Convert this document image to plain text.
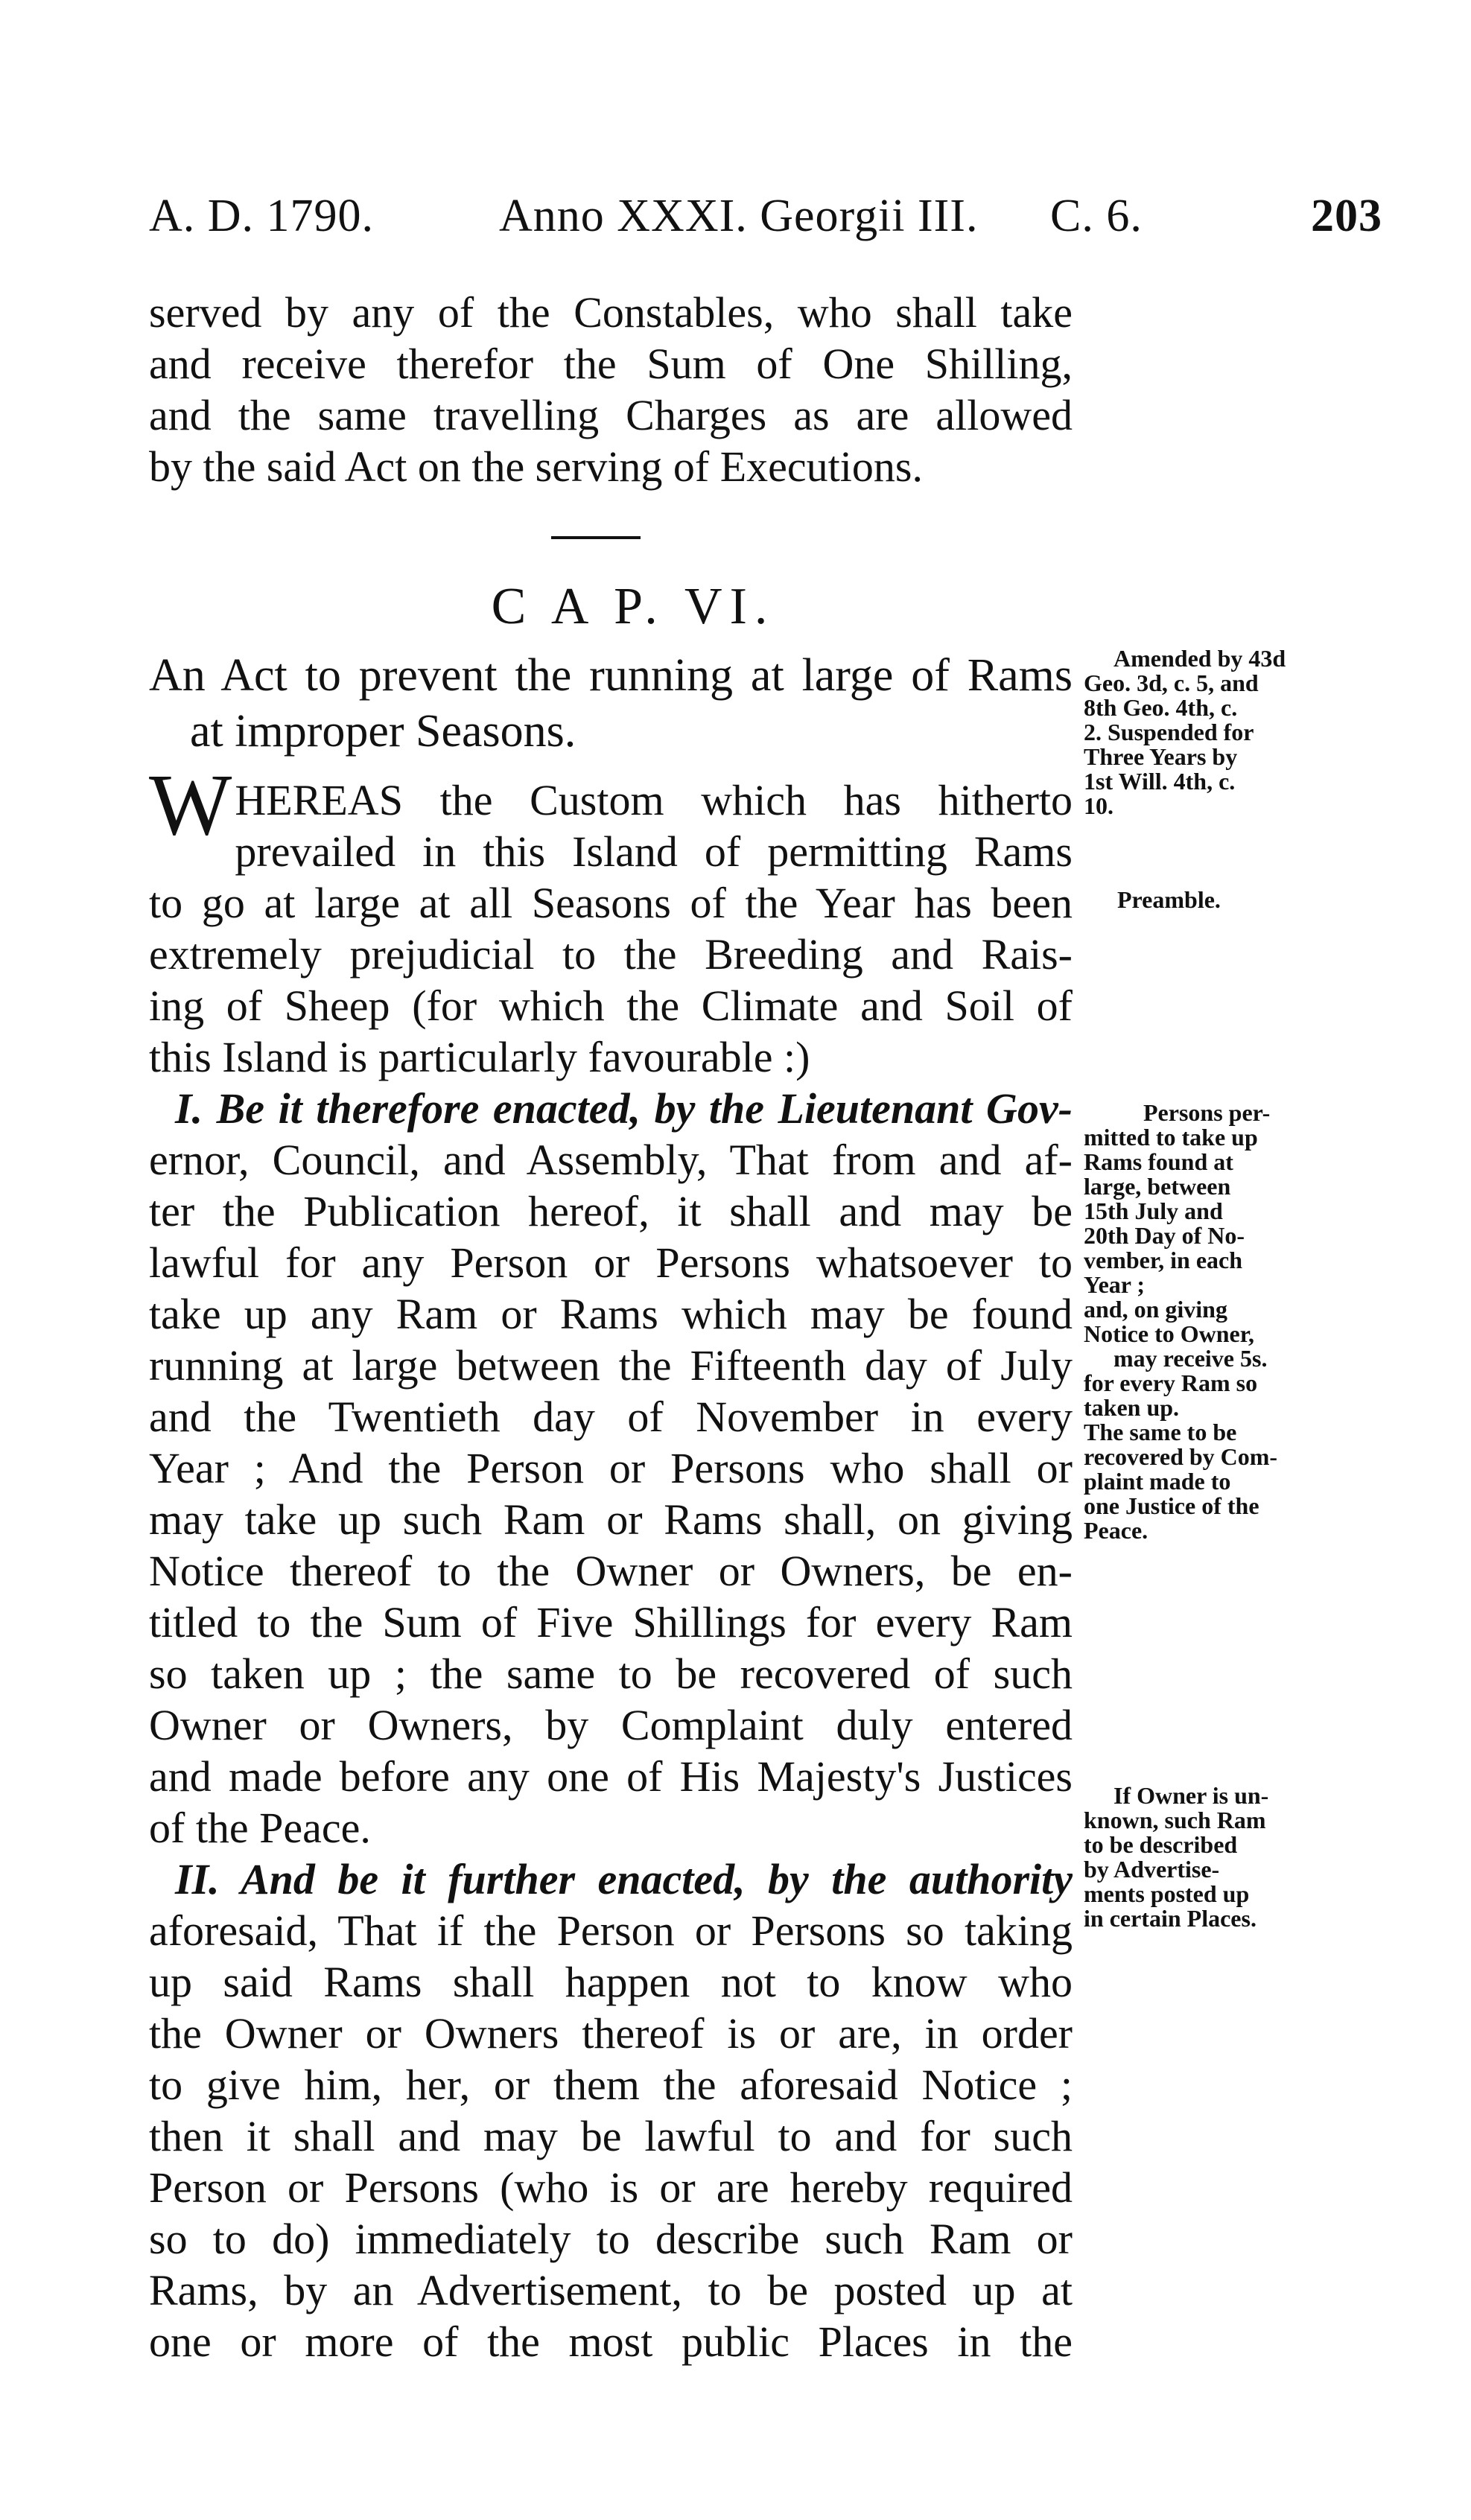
A. D. 1790.	Anno XXXI. Georgii III. C. 6.	203
served by any of the Constables, who shall take
and receive therefor the Sum of One Shilling,
and the same travelling Charges as are allowed
by the said Act on the serving of Executions.
C A P. VI.
An Act to prevent the running at large of Rams
at improper Seasons.
W HEREAS the Custom which has hitherto
prevailed in this Island of permitting Rams
to go at large at all Seasons of the Year has been
extremely prejudicial to the Breeding and Rais-
ing of Sheep (for which the Climate and Soil of
this Island is particularly favourable :)
I. Be it therefore enacted, by the Lieutenant Gov-
ernor, Council, and Assembly, That from and af-
ter the Publication hereof, it shall and may be
lawful for any Person or Persons whatsoever to
take up any Ram or Rams which may be found
running at large between the Fifteenth day of July
and the Twentieth day of November in every
Year ; And the Person or Persons who shall or
may take up such Ram or Rams shall, on giving
Notice thereof to the Owner or Owners, be en-
titled to the Sum of Five Shillings for every Ram
so taken up ; the same to be recovered of such
Owner or Owners, by Complaint duly entered
and made before any one of His Majesty's Justices
of the Peace.
II. And be it further enacted, by the authority
aforesaid, That if the Person or Persons so taking
up said Rams shall happen not to know who
the Owner or Owners thereof is or are, in order
to give him, her, or them the aforesaid Notice ;
then it shall and may be lawful to and for such
Person or Persons (who is or are hereby required
so to do) immediately to describe such Ram or
Rams, by an Advertisement, to be posted up at
one or more of the most public Places in the
Amended by 43d
Geo. 3d, c. 5, and
8th Geo. 4th, c.
2. Suspended for
Three Years by
1st Will. 4th, c.
10.
Preamble.
Persons per-
mitted to take up
Rams found at
large, between
15th July and
20th Day of No-
vember, in each
Year ;
and, on giving
Notice to Owner,
may receive 5s.
for every Ram so
taken up.
The same to be
recovered by Com-
plaint made to
one Justice of the
Peace.
If Owner is un-
known, such Ram
to be described
by Advertise-
ments posted up
in certain Places.
